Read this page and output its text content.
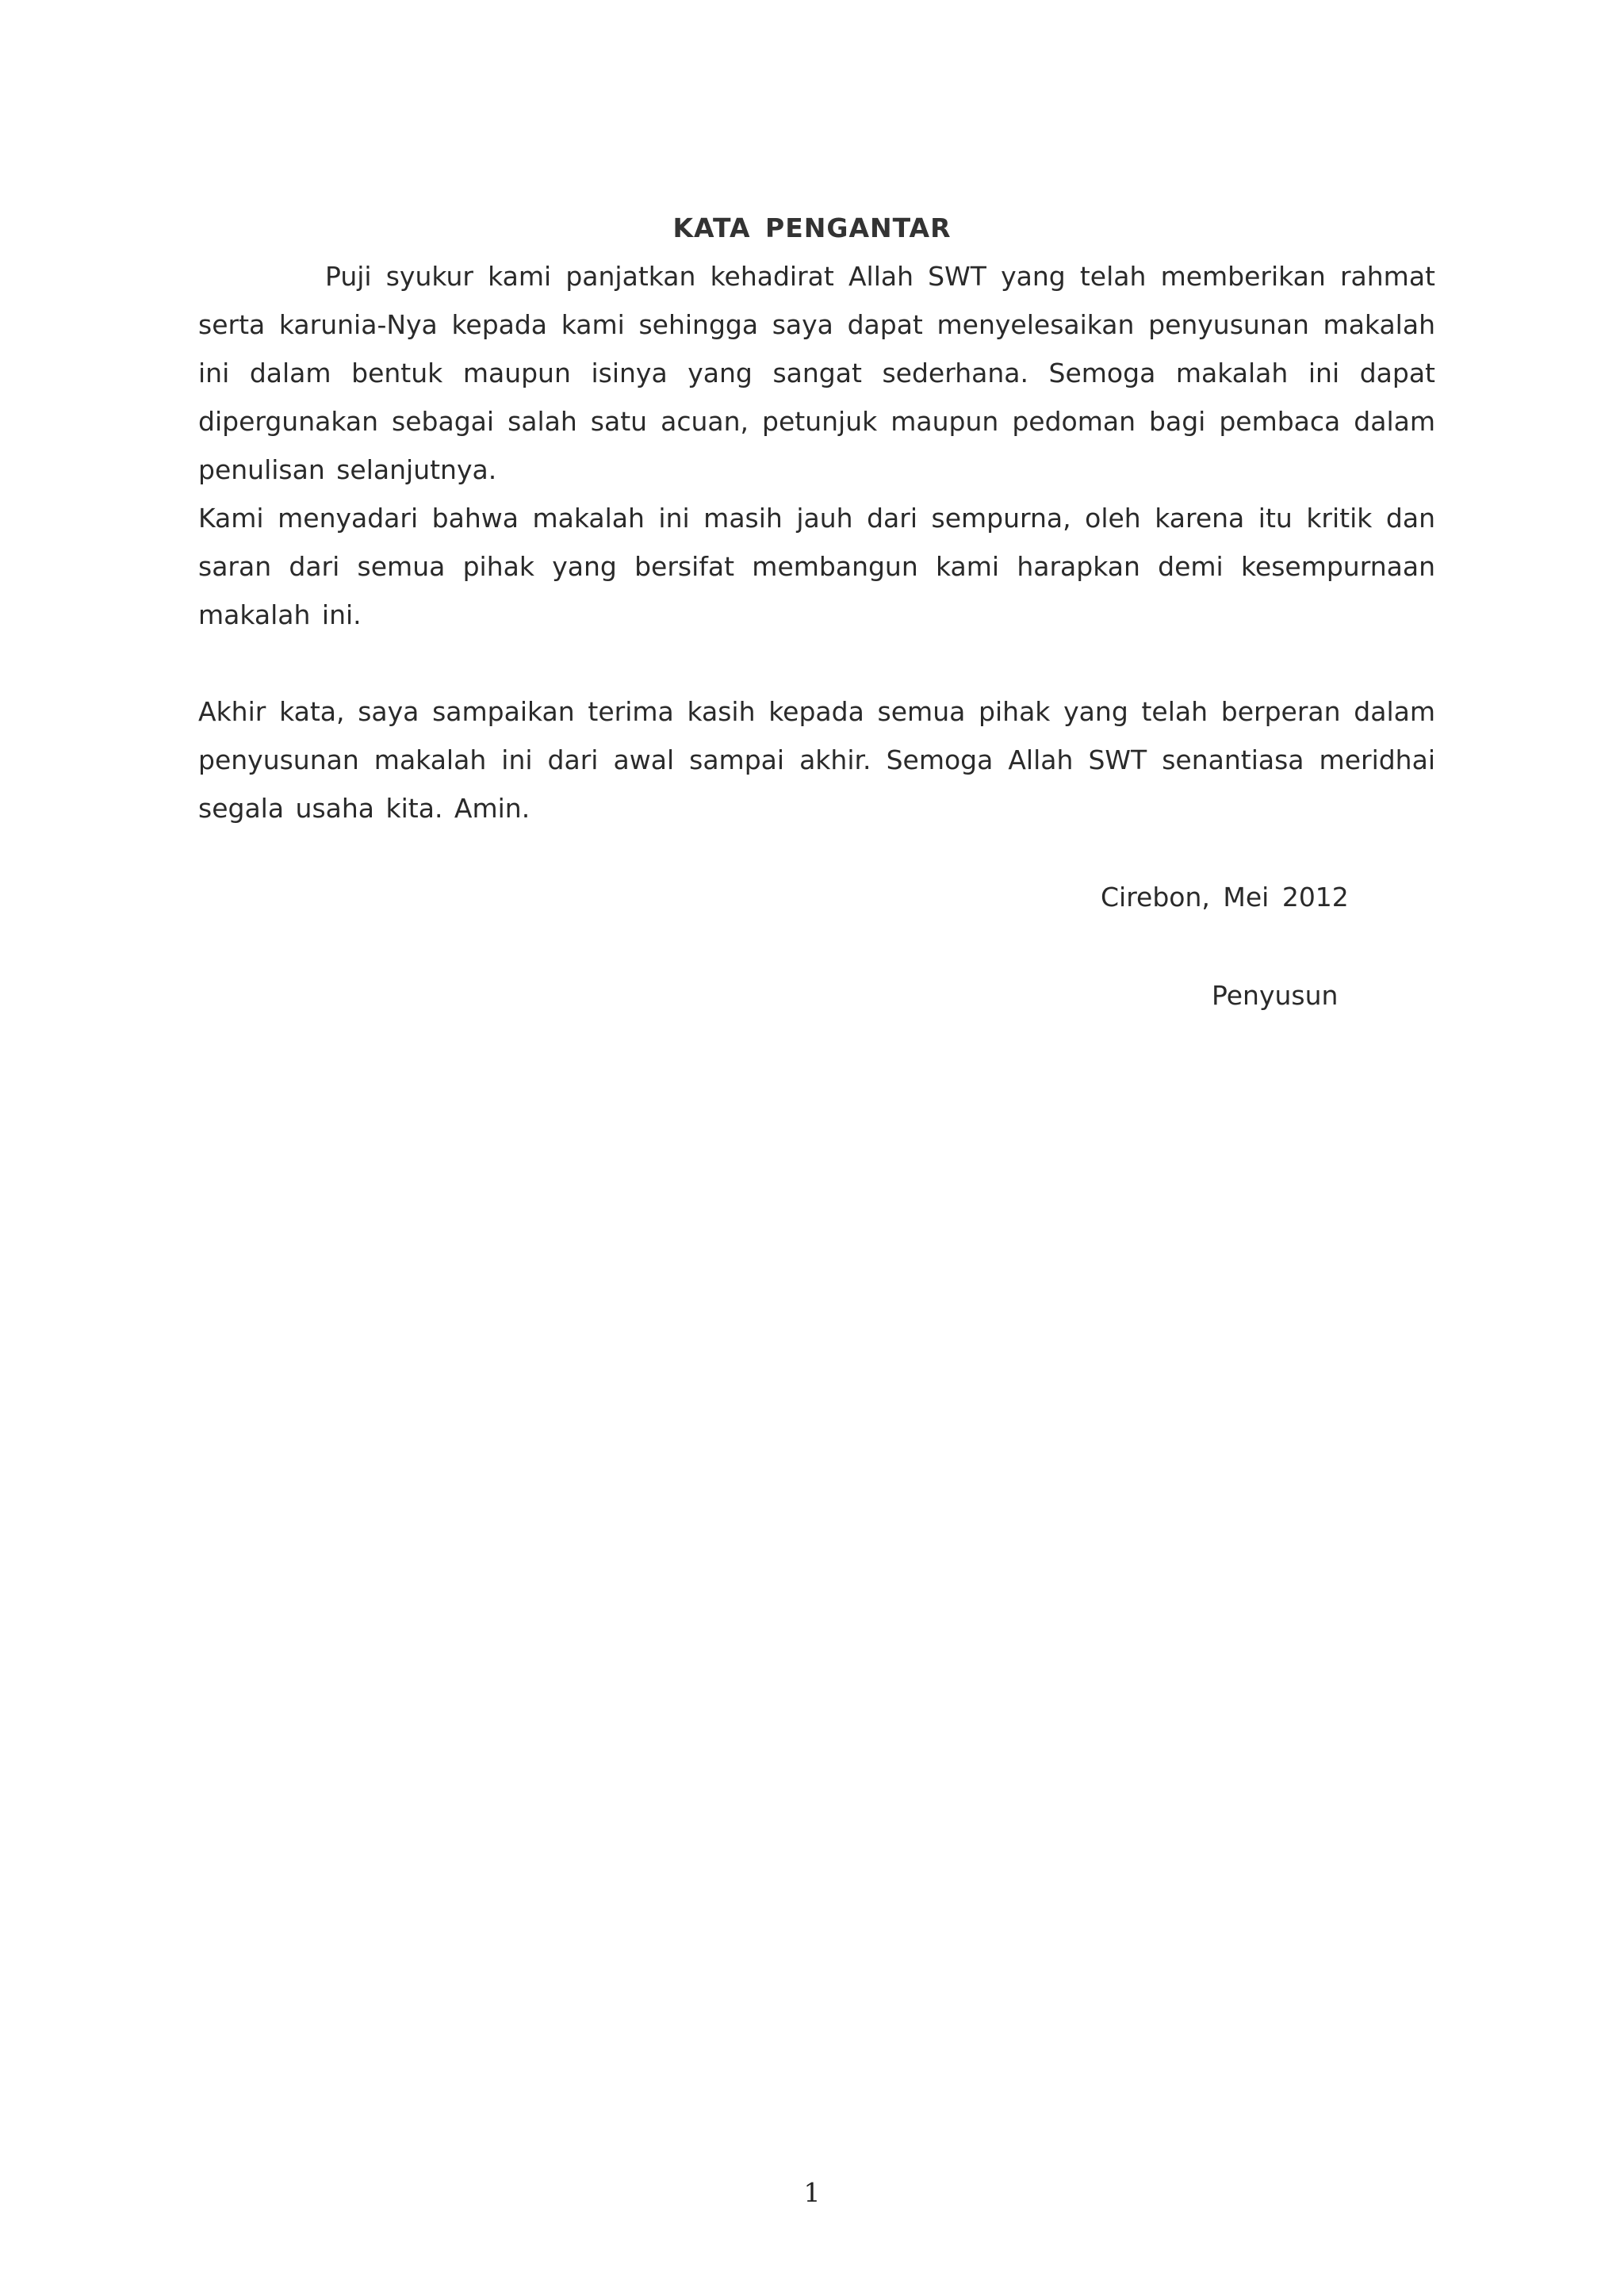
KATA PENGANTAR

Puji syukur kami panjatkan kehadirat Allah SWT yang telah memberikan rahmat serta karunia-Nya kepada kami sehingga saya dapat menyelesaikan penyusunan makalah ini dalam bentuk maupun isinya yang sangat sederhana. Semoga makalah ini dapat dipergunakan sebagai salah satu acuan, petunjuk maupun pedoman bagi pembaca dalam penulisan selanjutnya.

Kami menyadari bahwa makalah ini masih jauh dari sempurna, oleh karena itu kritik dan saran dari semua pihak yang bersifat membangun kami harapkan demi kesempurnaan makalah ini.

Akhir kata, saya sampaikan terima kasih kepada semua pihak yang telah berperan dalam penyusunan makalah ini dari awal sampai akhir. Semoga Allah SWT senantiasa meridhai segala usaha kita. Amin.

Cirebon, Mei 2012
Penyusun
1
